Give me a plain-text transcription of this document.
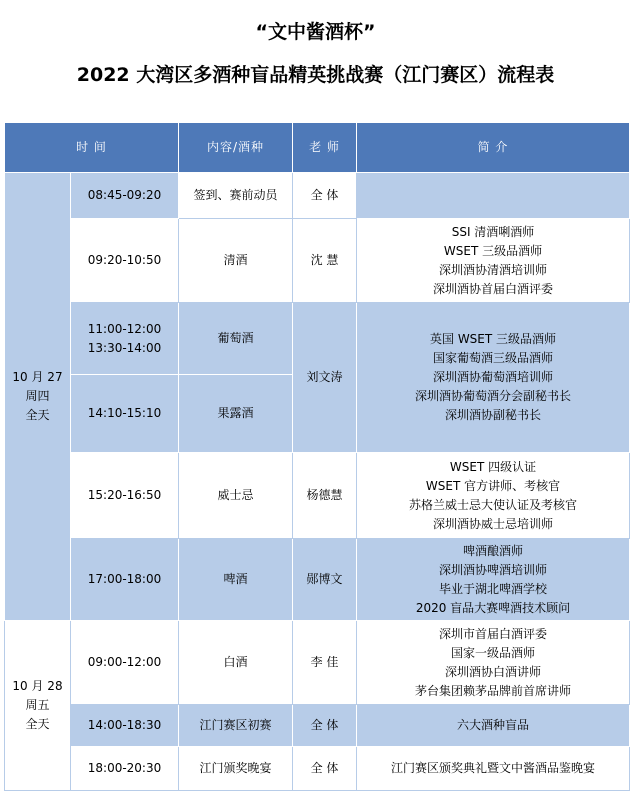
“文中酱酒杯”
2022 大湾区多酒种盲品精英挑战赛（江门赛区）流程表
时 间		内容/酒种	老 师	简 介

10 月 27
周四
全天	08:45-09:20	签到、赛前动员	全 体	
	09:20-10:50	清酒	沈 慧	SSI 清酒唎酒师
WSET 三级品酒师
深圳酒协清酒培训师
深圳酒协首届白酒评委

	11:00-12:00
13:30-14:00	葡萄酒	刘文涛	英国 WSET 三级品酒师
国家葡萄酒三级品酒师
深圳酒协葡萄酒培训师
深圳酒协葡萄酒分会副秘书长
深圳酒协副秘书长

	14:10-15:10	果露酒		
	15:20-16:50	威士忌	杨德慧	WSET 四级认证
WSET 官方讲师、考核官
苏格兰威士忌大使认证及考核官
深圳酒协威士忌培训师

	17:00-18:00	啤酒	郧博文	啤酒酿酒师
深圳酒协啤酒培训师
毕业于湖北啤酒学校
2020 盲品大赛啤酒技术顾问

10 月 28
周五
全天	09:00-12:00	白酒	李 佳	深圳市首届白酒评委
国家一级品酒师
深圳酒协白酒讲师
茅台集团赖茅品牌前首席讲师

	14:00-18:30	江门赛区初赛	全 体	六大酒种盲品
	18:00-20:30	江门颁奖晚宴	全 体	江门赛区颁奖典礼暨文中酱酒品鉴晚宴
